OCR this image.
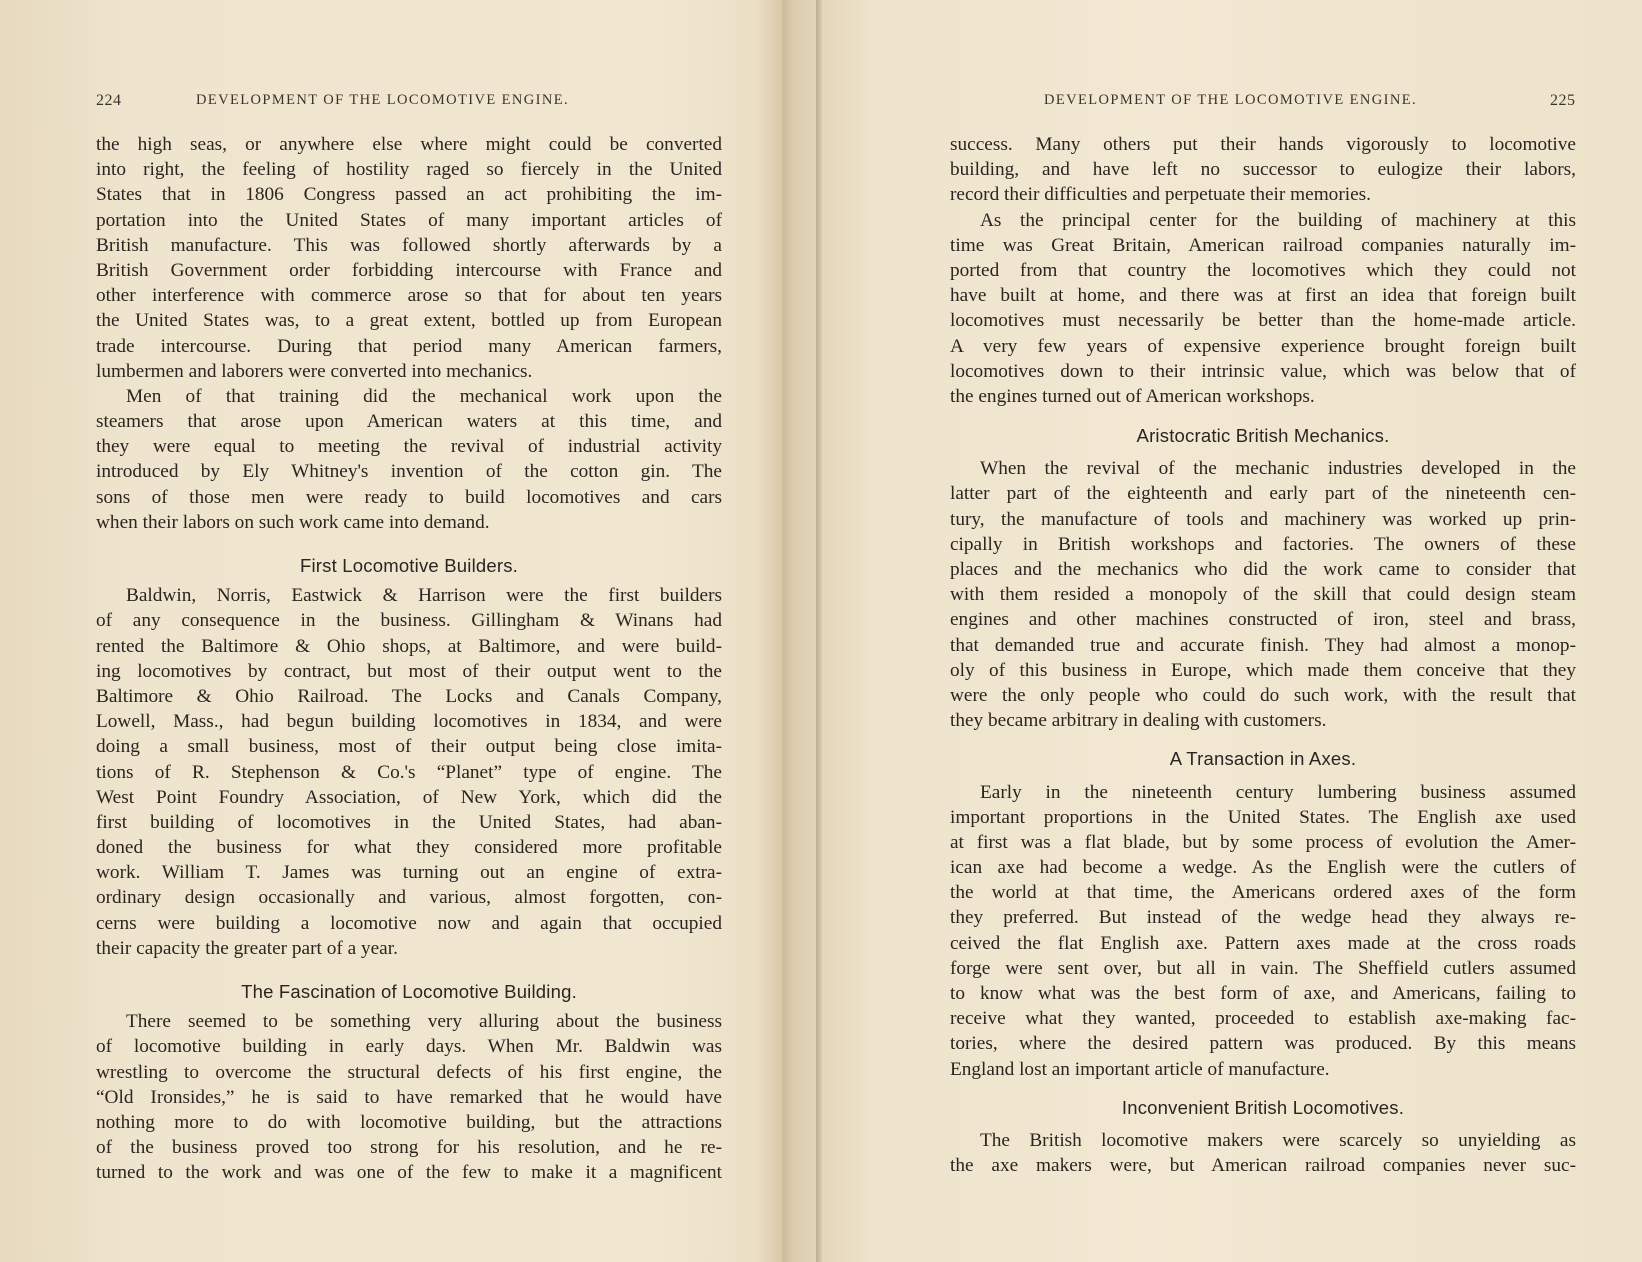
224	DEVELOPMENT OF THE LOCOMOTIVE ENGINE.
the high seas, or anywhere else where might could be converted
into right, the feeling of hostility raged so fiercely in the United
States that in 1806 Congress passed an act prohibiting the im-
portation into the United States of many important articles of
British manufacture. This was followed shortly afterwards by a
British Government order forbidding intercourse with France and
other interference with commerce arose so that for about ten years
the United States was, to a great extent, bottled up from European
trade intercourse. During that period many American farmers,
lumbermen and laborers were converted into mechanics.
Men of that training did the mechanical work upon the
steamers that arose upon American waters at this time, and
they were equal to meeting the revival of industrial activity
introduced by Ely Whitney's invention of the cotton gin. The
sons of those men were ready to build locomotives and cars
when their labors on such work came into demand.
First Locomotive Builders.
Baldwin, Norris, Eastwick & Harrison were the first builders
of any consequence in the business. Gillingham & Winans had
rented the Baltimore & Ohio shops, at Baltimore, and were build-
ing locomotives by contract, but most of their output went to the
Baltimore & Ohio Railroad. The Locks and Canals Company,
Lowell, Mass., had begun building locomotives in 1834, and were
doing a small business, most of their output being close imita-
tions of R. Stephenson & Co.'s “Planet” type of engine. The
West Point Foundry Association, of New York, which did the
first building of locomotives in the United States, had aban-
doned the business for what they considered more profitable
work. William T. James was turning out an engine of extra-
ordinary design occasionally and various, almost forgotten, con-
cerns were building a locomotive now and again that occupied
their capacity the greater part of a year.
The Fascination of Locomotive Building.
There seemed to be something very alluring about the business
of locomotive building in early days. When Mr. Baldwin was
wrestling to overcome the structural defects of his first engine, the
“Old Ironsides,” he is said to have remarked that he would have
nothing more to do with locomotive building, but the attractions
of the business proved too strong for his resolution, and he re-
turned to the work and was one of the few to make it a magnificent
DEVELOPMENT OF THE LOCOMOTIVE ENGINE.	225
success. Many others put their hands vigorously to locomotive
building, and have left no successor to eulogize their labors,
record their difficulties and perpetuate their memories.
As the principal center for the building of machinery at this
time was Great Britain, American railroad companies naturally im-
ported from that country the locomotives which they could not
have built at home, and there was at first an idea that foreign built
locomotives must necessarily be better than the home-made article.
A very few years of expensive experience brought foreign built
locomotives down to their intrinsic value, which was below that of
the engines turned out of American workshops.
Aristocratic British Mechanics.
When the revival of the mechanic industries developed in the
latter part of the eighteenth and early part of the nineteenth cen-
tury, the manufacture of tools and machinery was worked up prin-
cipally in British workshops and factories. The owners of these
places and the mechanics who did the work came to consider that
with them resided a monopoly of the skill that could design steam
engines and other machines constructed of iron, steel and brass,
that demanded true and accurate finish. They had almost a monop-
oly of this business in Europe, which made them conceive that they
were the only people who could do such work, with the result that
they became arbitrary in dealing with customers.
A Transaction in Axes.
Early in the nineteenth century lumbering business assumed
important proportions in the United States. The English axe used
at first was a flat blade, but by some process of evolution the Amer-
ican axe had become a wedge. As the English were the cutlers of
the world at that time, the Americans ordered axes of the form
they preferred. But instead of the wedge head they always re-
ceived the flat English axe. Pattern axes made at the cross roads
forge were sent over, but all in vain. The Sheffield cutlers assumed
to know what was the best form of axe, and Americans, failing to
receive what they wanted, proceeded to establish axe-making fac-
tories, where the desired pattern was produced. By this means
England lost an important article of manufacture.
Inconvenient British Locomotives.
The British locomotive makers were scarcely so unyielding as
the axe makers were, but American railroad companies never suc-
